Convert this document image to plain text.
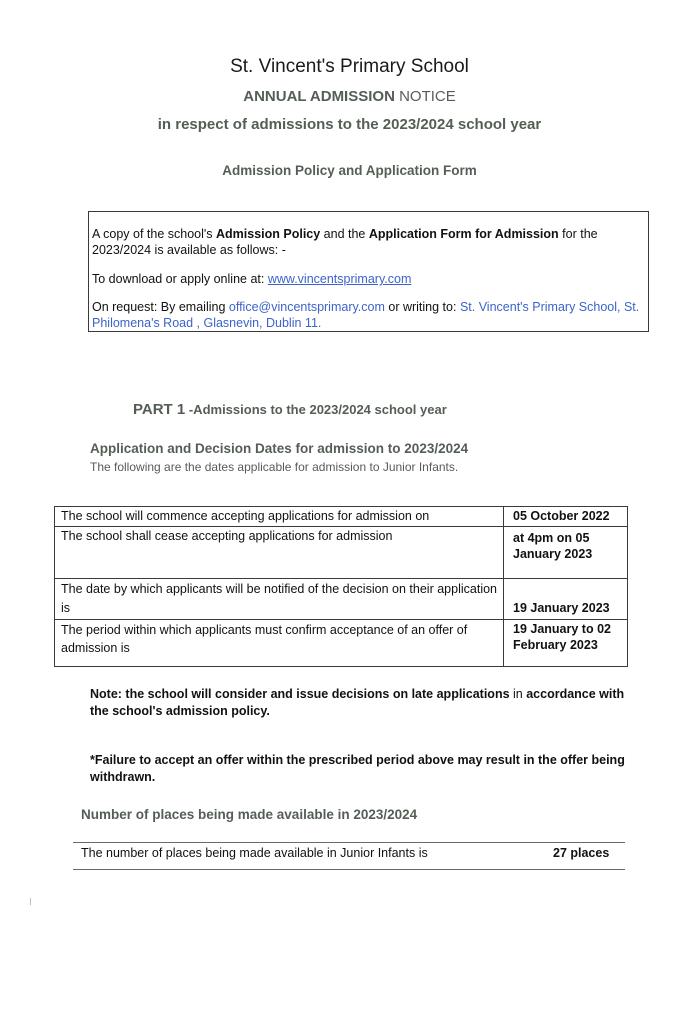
St. Vincent's Primary School
ANNUAL ADMISSION NOTICE
in respect of admissions to the 2023/2024 school year
Admission Policy and Application Form

A copy of the school's Admission Policy and the Application Form for Admission for the 2023/2024 is available as follows: -

To download or apply online at: www.vincentsprimary.com

On request: By emailing office@vincentsprimary.com or writing to: St. Vincent's Primary School, St. Philomena's Road , Glasnevin, Dublin 11.

PART 1 -Admissions to the 2023/2024 school year
Application and Decision Dates for admission to 2023/2024
The following are the dates applicable for admission to Junior Infants.
The school will commence accepting applications for admission on	05 October 2022
The school shall cease accepting applications for admission	at 4pm on 05 January 2023
The date by which applicants will be notified of the decision on their application is	19 January 2023
The period within which applicants must confirm acceptance of an offer of admission is	19 January to 02 February 2023
Note: the school will consider and issue decisions on late applications in accordance with the school's admission policy.
*Failure to accept an offer within the prescribed period above may result in the offer being withdrawn.
Number of places being made available in 2023/2024
The number of places being made available in Junior Infants is	27 places
